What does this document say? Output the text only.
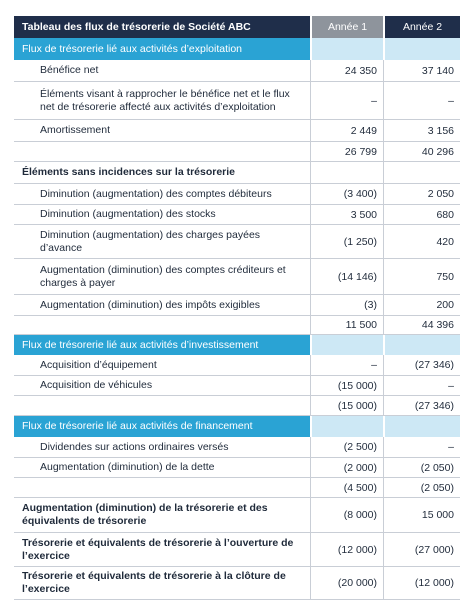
Tableau des flux de trésorerie de Société ABC	Année 1	Année 2
Flux de trésorerie lié aux activités d’exploitation
Bénéfice net	24 350	37 140
Éléments visant à rapprocher le bénéfice net et le flux net de trésorerie affecté aux activités d’exploitation	–	–
Amortissement	2 449	3 156
26 799	40 296
Éléments sans incidences sur la trésorerie
Diminution (augmentation) des comptes débiteurs	(3 400)	2 050
Diminution (augmentation) des stocks	3 500	680
Diminution (augmentation) des charges payées d’avance	(1 250)	420
Augmentation (diminution) des comptes créditeurs et charges à payer	(14 146)	750
Augmentation (diminution) des impôts exigibles	(3)	200
11 500	44 396
Flux de trésorerie lié aux activités d’investissement
Acquisition d’équipement	–	(27 346)
Acquisition de véhicules	(15 000)	–
(15 000)	(27 346)
Flux de trésorerie lié aux activités de financement
Dividendes sur actions ordinaires versés	(2 500)	–
Augmentation (diminution) de la dette	(2 000)	(2 050)
(4 500)	(2 050)
Augmentation (diminution) de la trésorerie et des équivalents de trésorerie	(8 000)	15 000
Trésorerie et équivalents de trésorerie à l’ouverture de l’exercice	(12 000)	(27 000)
Trésorerie et équivalents de trésorerie à la clôture de l’exercice	(20 000)	(12 000)
